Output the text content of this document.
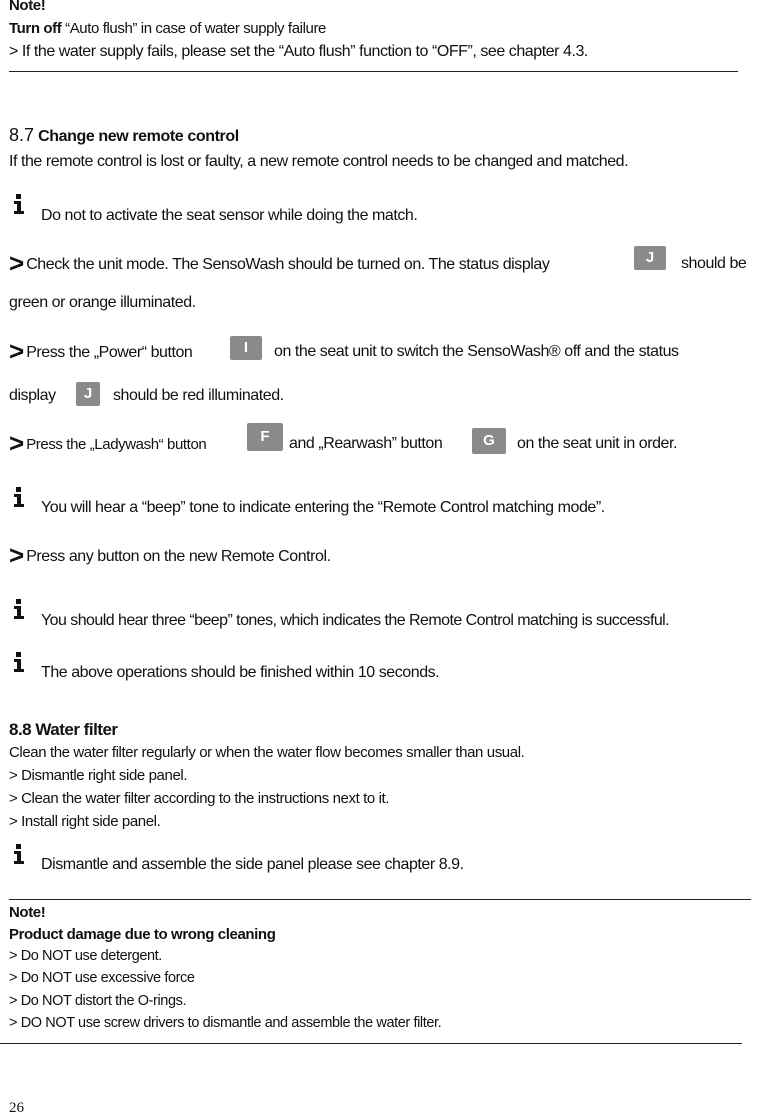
Note!
Turn off “Auto flush” in case of water supply failure
> If the water supply fails, please set the “Auto flush” function to “OFF”, see chapter 4.3.
8.7 Change new remote control
If the remote control is lost or faulty, a new remote control needs to be changed and matched.
Do not to activate the seat sensor while doing the match.
> Check the unit mode. The SensoWash should be turned on. The status display	J	should be
green or orange illuminated.
> Press the „Power“ button	I	on the seat unit to switch the SensoWash® off and the status
display	J	should be red illuminated.
> Press the „Ladywash“ button	F	and „Rearwash” button	G	on the seat unit in order.
You will hear a “beep” tone to indicate entering the “Remote Control matching mode”.
> Press any button on the new Remote Control.
You should hear three “beep” tones, which indicates the Remote Control matching is successful.
The above operations should be finished within 10 seconds.
8.8 Water filter
Clean the water filter regularly or when the water flow becomes smaller than usual.
> Dismantle right side panel.
> Clean the water filter according to the instructions next to it.
> Install right side panel.
Dismantle and assemble the side panel please see chapter 8.9.
Note!
Product damage due to wrong cleaning
> Do NOT use detergent.
> Do NOT use excessive force
> Do NOT distort the O-rings.
> DO NOT use screw drivers to dismantle and assemble the water filter.
26
